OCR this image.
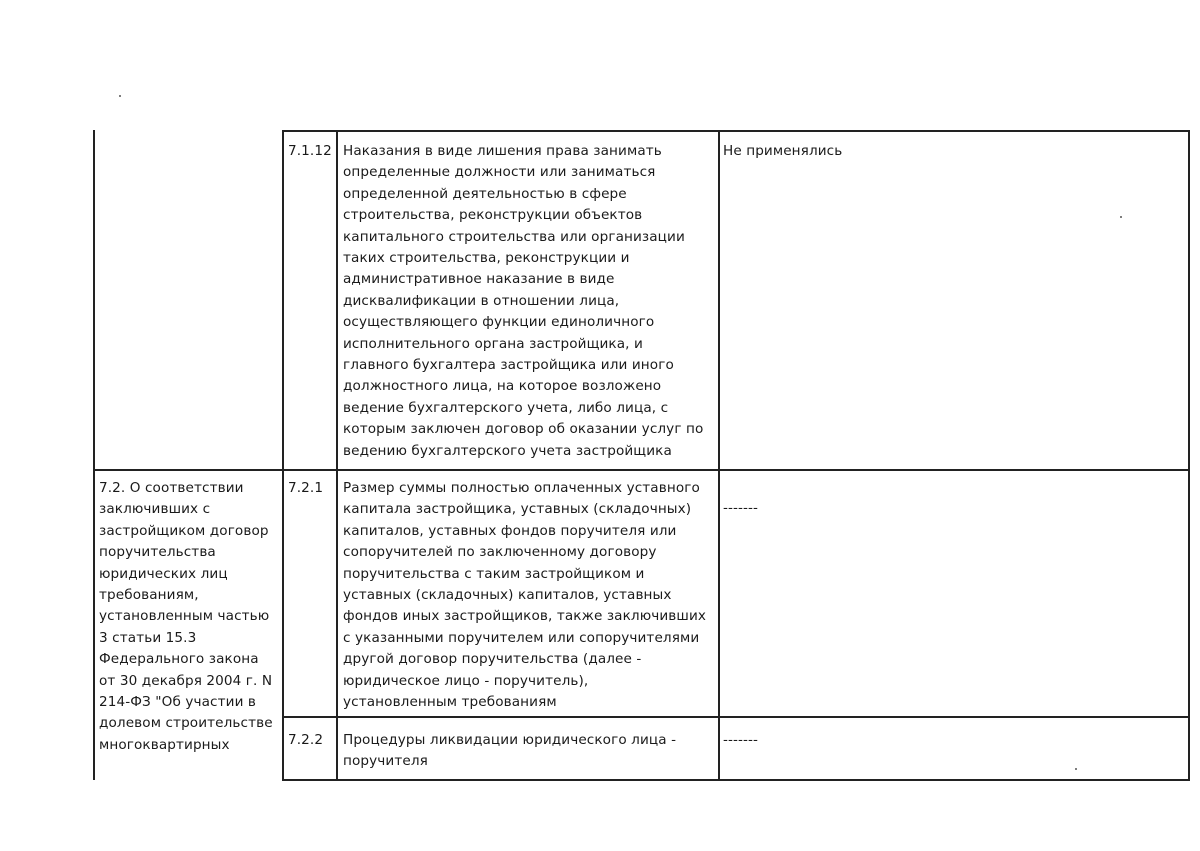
7.1.12 Наказания в виде лишения права занимать
определенные должности или заниматься
определенной деятельностью в сфере
строительства, реконструкции объектов
капитального строительства или организации
таких строительства, реконструкции и
административное наказание в виде
дисквалификации в отношении лица,
осуществляющего функции единоличного
исполнительного органа застройщика, и
главного бухгалтера застройщика или иного
должностного лица, на которое возложено
ведение бухгалтерского учета, либо лица, с
которым заключен договор об оказании услуг по
ведению бухгалтерского учета застройщика
Не применялись
7.2. О соответствии
заключивших с
застройщиком договор
поручительства
юридических лиц
требованиям,
установленным частью
3 статьи 15.3
Федерального закона
от 30 декабря 2004 г. N
214-ФЗ "Об участии в
долевом строительстве
многоквартирных
7.2.1 Размер суммы полностью оплаченных уставного
капитала застройщика, уставных (складочных)
капиталов, уставных фондов поручителя или
сопоручителей по заключенному договору
поручительства с таким застройщиком и
уставных (складочных) капиталов, уставных
фондов иных застройщиков, также заключивших
с указанными поручителем или сопоручителями
другой договор поручительства (далее -
юридическое лицо - поручитель),
установленным требованиям
-------
7.2.2 Процедуры ликвидации юридического лица -
поручителя
-------
